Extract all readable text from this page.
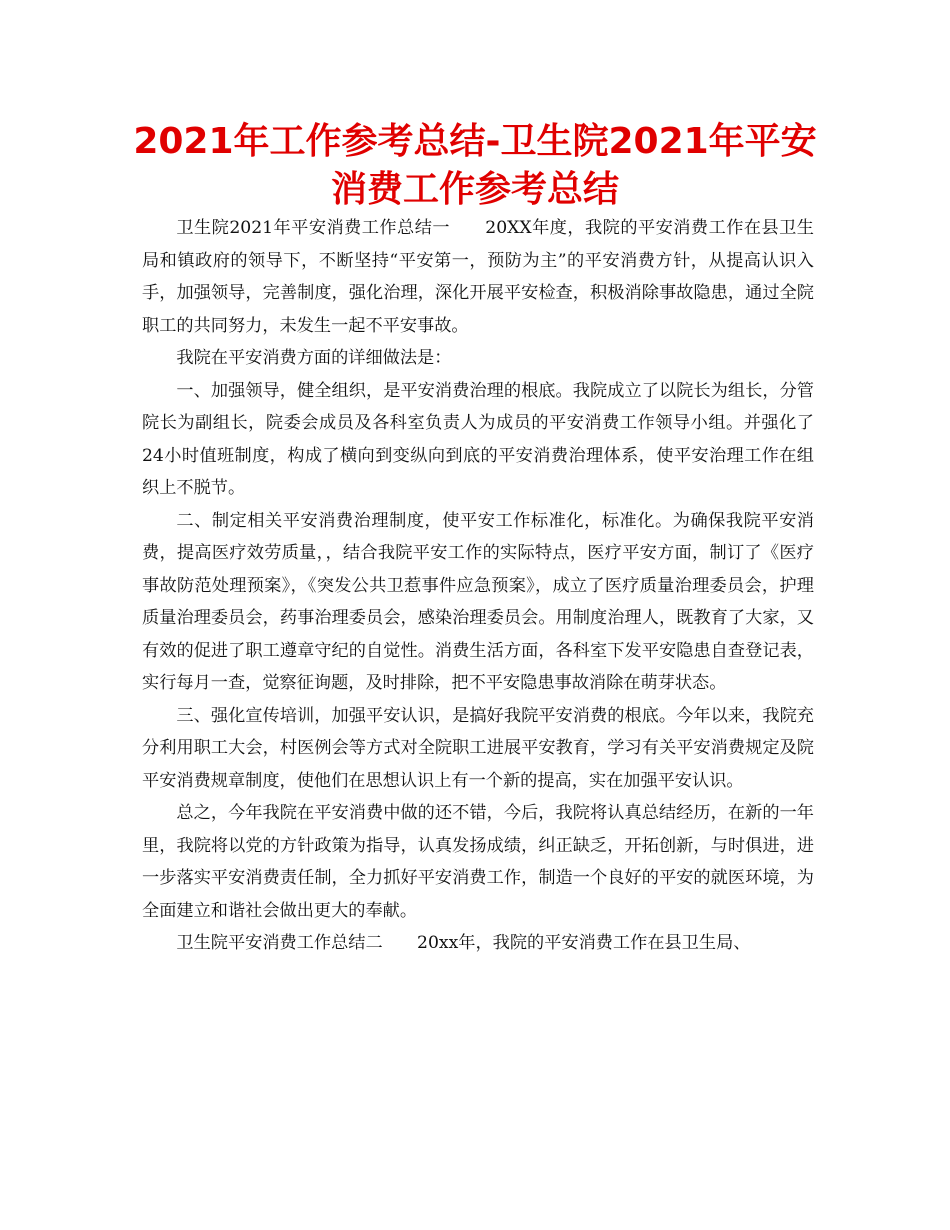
2021年工作参考总结-卫生院2021年平安消费工作参考总结

卫生院2021年平安消费工作总结一　　20XX年度，我院的平安消费工作在县卫生局和镇政府的领导下，不断坚持“平安第一，预防为主”的平安消费方针，从提高认识入手，加强领导，完善制度，强化治理，深化开展平安检查，积极消除事故隐患，通过全院职工的共同努力，未发生一起不平安事故。

我院在平安消费方面的详细做法是：

一、加强领导，健全组织，是平安消费治理的根底。我院成立了以院长为组长，分管院长为副组长，院委会成员及各科室负责人为成员的平安消费工作领导小组。并强化了24小时值班制度，构成了横向到变纵向到底的平安消费治理体系，使平安治理工作在组织上不脱节。

二、制定相关平安消费治理制度，使平安工作标准化，标准化。为确保我院平安消费，提高医疗效劳质量，，结合我院平安工作的实际特点，医疗平安方面，制订了《医疗事故防范处理预案》，《突发公共卫惹事件应急预案》，成立了医疗质量治理委员会，护理质量治理委员会，药事治理委员会，感染治理委员会。用制度治理人，既教育了大家，又有效的促进了职工遵章守纪的自觉性。消费生活方面，各科室下发平安隐患自查登记表，实行每月一查，觉察征询题，及时排除，把不平安隐患事故消除在萌芽状态。

三、强化宣传培训，加强平安认识，是搞好我院平安消费的根底。今年以来，我院充分利用职工大会，村医例会等方式对全院职工进展平安教育，学习有关平安消费规定及院平安消费规章制度，使他们在思想认识上有一个新的提高，实在加强平安认识。

总之，今年我院在平安消费中做的还不错，今后，我院将认真总结经历，在新的一年里，我院将以党的方针政策为指导，认真发扬成绩，纠正缺乏，开拓创新，与时俱进，进一步落实平安消费责任制，全力抓好平安消费工作，制造一个良好的平安的就医环境，为全面建立和谐社会做出更大的奉献。

卫生院平安消费工作总结二　　20xx年，我院的平安消费工作在县卫生局、
